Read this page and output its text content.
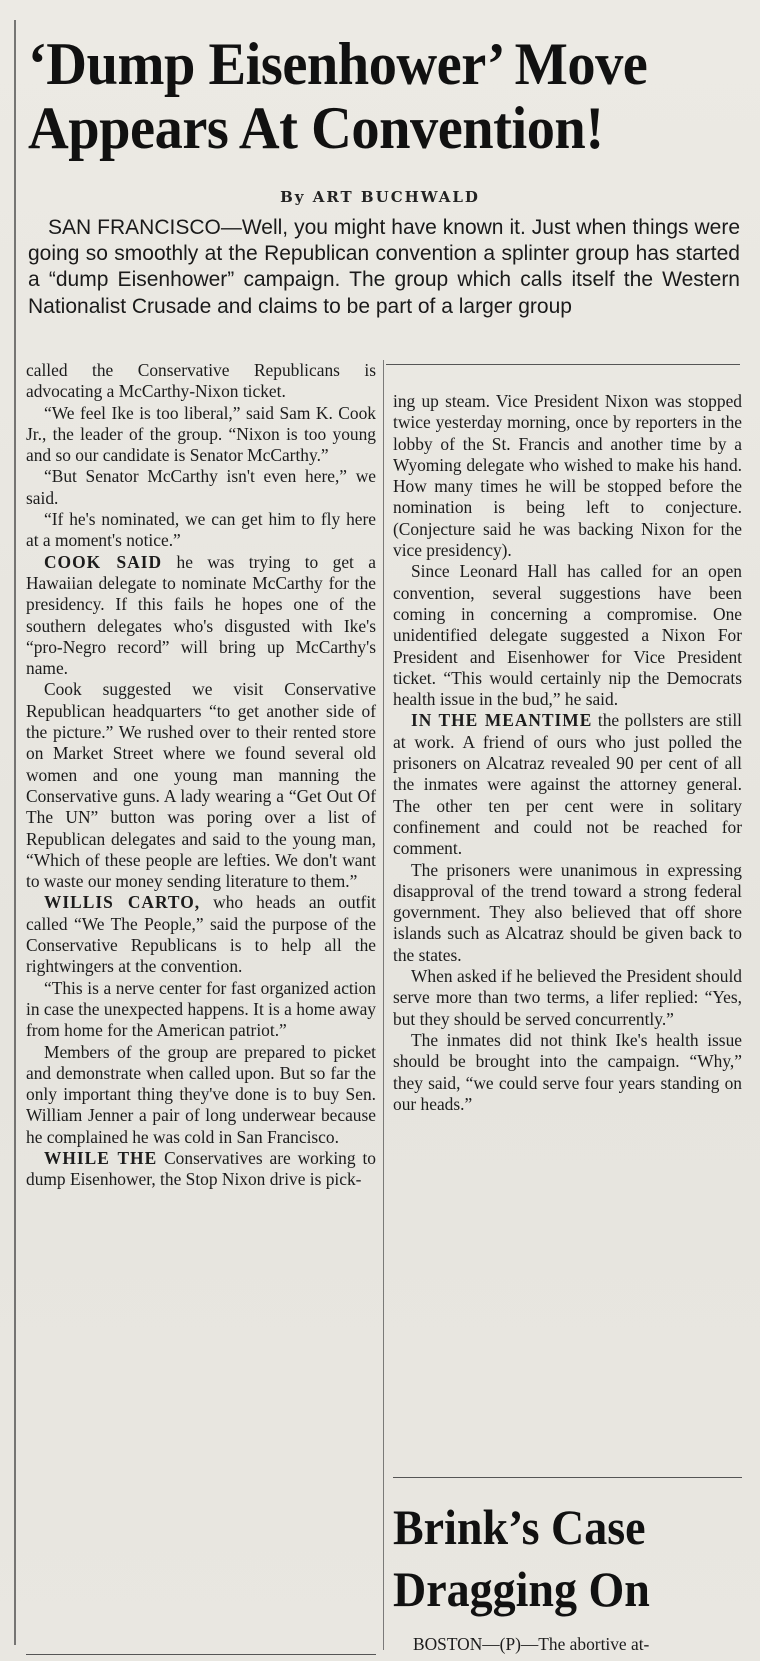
‘Dump Eisenhower’ Move
Appears At Convention!
By ART BUCHWALD

SAN FRANCISCO—Well, you might have known it. Just when things were going so smoothly at the Republican convention a splinter group has started a “dump Eisenhower” campaign. The group which calls itself the Western Nationalist Crusade and claims to be part of a larger group

called the Conservative Republicans is advocating a McCarthy-Nixon ticket.

“We feel Ike is too liberal,” said Sam K. Cook Jr., the leader of the group. “Nixon is too young and so our candidate is Senator McCarthy.”

“But Senator McCarthy isn't even here,” we said.

“If he's nominated, we can get him to fly here at a moment's notice.”

COOK SAID he was trying to get a Hawaiian delegate to nominate McCarthy for the presidency. If this fails he hopes one of the southern delegates who's disgusted with Ike's “pro-Negro record” will bring up McCarthy's name.

Cook suggested we visit Conservative Republican headquarters “to get another side of the picture.” We rushed over to their rented store on Market Street where we found several old women and one young man manning the Conservative guns. A lady wearing a “Get Out Of The UN” button was poring over a list of Republican delegates and said to the young man, “Which of these people are lefties. We don't want to waste our money sending literature to them.”

WILLIS CARTO, who heads an outfit called “We The People,” said the purpose of the Conservative Republicans is to help all the rightwingers at the convention.

“This is a nerve center for fast organized action in case the unexpected happens. It is a home away from home for the American patriot.”

Members of the group are prepared to picket and demonstrate when called upon. But so far the only important thing they've done is to buy Sen. William Jenner a pair of long underwear because he complained he was cold in San Francisco.

WHILE THE Conservatives are working to dump Eisenhower, the Stop Nixon drive is pick-

ing up steam. Vice President Nixon was stopped twice yesterday morning, once by reporters in the lobby of the St. Francis and another time by a Wyoming delegate who wished to make his hand. How many times he will be stopped before the nomination is being left to conjecture. (Conjecture said he was backing Nixon for the vice presidency).

Since Leonard Hall has called for an open convention, several suggestions have been coming in concerning a compromise. One unidentified delegate suggested a Nixon For President and Eisenhower for Vice President ticket. “This would certainly nip the Democrats health issue in the bud,” he said.

IN THE MEANTIME the pollsters are still at work. A friend of ours who just polled the prisoners on Alcatraz revealed 90 per cent of all the inmates were against the attorney general. The other ten per cent were in solitary confinement and could not be reached for comment.

The prisoners were unanimous in expressing disapproval of the trend toward a strong federal government. They also believed that off shore islands such as Alcatraz should be given back to the states.

When asked if he believed the President should serve more than two terms, a lifer replied: “Yes, but they should be served concurrently.”

The inmates did not think Ike's health issue should be brought into the campaign. “Why,” they said, “we could serve four years standing on our heads.”

Brink’s Case
Dragging On

BOSTON—(P)—The abortive at-
